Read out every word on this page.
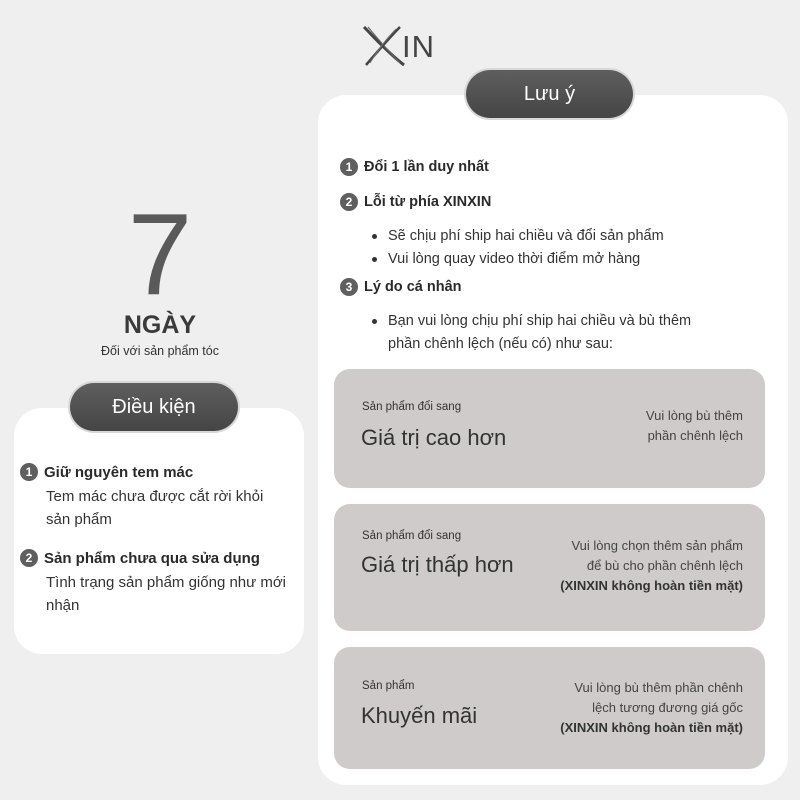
IN
7
NGÀY
Đối với sản phẩm tóc
Điều kiện
1 Giữ nguyên tem mác
Tem mác chưa được cắt rời khỏi sản phẩm
2 Sản phẩm chưa qua sửa dụng
Tình trạng sản phẩm giống như mới nhận
Lưu ý
1 Đổi 1 lần duy nhất
2 Lỗi từ phía XINXIN
Sẽ chịu phí ship hai chiều và đổi sản phẩm
Vui lòng quay video thời điểm mở hàng
3 Lý do cá nhân
Bạn vui lòng chịu phí ship hai chiều và bù thêm
phần chênh lệch (nếu có) như sau:
Sản phẩm đổi sang
Giá trị cao hơn
Vui lòng bù thêm
phần chênh lệch
Sản phẩm đổi sang
Giá trị thấp hơn
Vui lòng chọn thêm sản phẩm
để bù cho phần chênh lệch
(XINXIN không hoàn tiền mặt)
Sản phẩm
Khuyến mãi
Vui lòng bù thêm phần chênh
lệch tương đương giá gốc
(XINXIN không hoàn tiền mặt)
